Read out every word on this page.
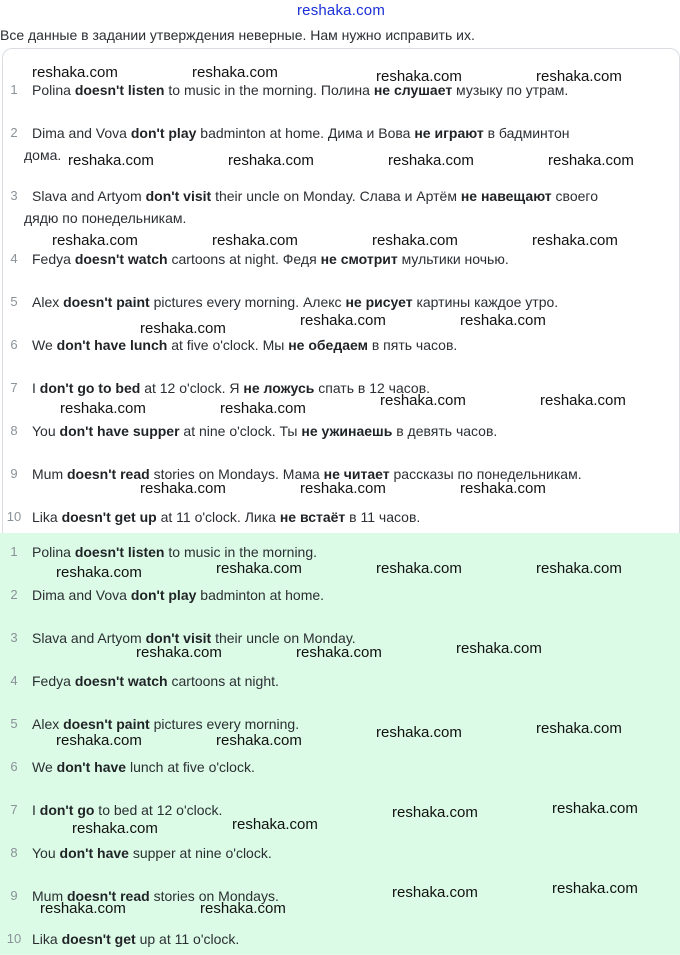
reshaka.com
Все данные в задании утверждения неверные. Нам нужно исправить их.
1	Polina doesn't listen to music in the morning. Полина не слушает музыку по утрам.
2	Dima and Vova don't play badminton at home. Дима и Вова не играют в бадминтон
дома.
3	Slava and Artyom don't visit their uncle on Monday. Слава и Артём не навещают своего
дядю по понедельникам.
4	Fedya doesn't watch cartoons at night. Федя не смотрит мультики ночью.
5	Alex doesn't paint pictures every morning. Алекс не рисует картины каждое утро.
6	We don't have lunch at five o'clock. Мы не обедаем в пять часов.
7	I don't go to bed at 12 o'clock. Я не ложусь спать в 12 часов.
8	You don't have supper at nine o'clock. Ты не ужинаешь в девять часов.
9	Mum doesn't read stories on Mondays. Мама не читает рассказы по понедельникам.
10 Lika doesn't get up at 11 o'clock. Лика не встаёт в 11 часов.
1	Polina doesn't listen to music in the morning.
2	Dima and Vova don't play badminton at home.
3	Slava and Artyom don't visit their uncle on Monday.
4	Fedya doesn't watch cartoons at night.
5	Alex doesn't paint pictures every morning.
6	We don't have lunch at five o'clock.
7	I don't go to bed at 12 o'clock.
8	You don't have supper at nine o'clock.
9	Mum doesn't read stories on Mondays.
10 Lika doesn't get up at 11 o'clock.
reshaka.com	reshaka.com	reshaka.com	reshaka.com
reshaka.com	reshaka.com	reshaka.com	reshaka.com
reshaka.com	reshaka.com	reshaka.com	reshaka.com
reshaka.com	reshaka.com	reshaka.com
reshaka.com	reshaka.com	reshaka.com	reshaka.com
reshaka.com	reshaka.com	reshaka.com
reshaka.com	reshaka.com	reshaka.com	reshaka.com
reshaka.com	reshaka.com	reshaka.com
reshaka.com	reshaka.com	reshaka.com	reshaka.com
reshaka.com	reshaka.com
reshaka.com	reshaka.com
reshaka.com	reshaka.com
reshaka.com	reshaka.com
